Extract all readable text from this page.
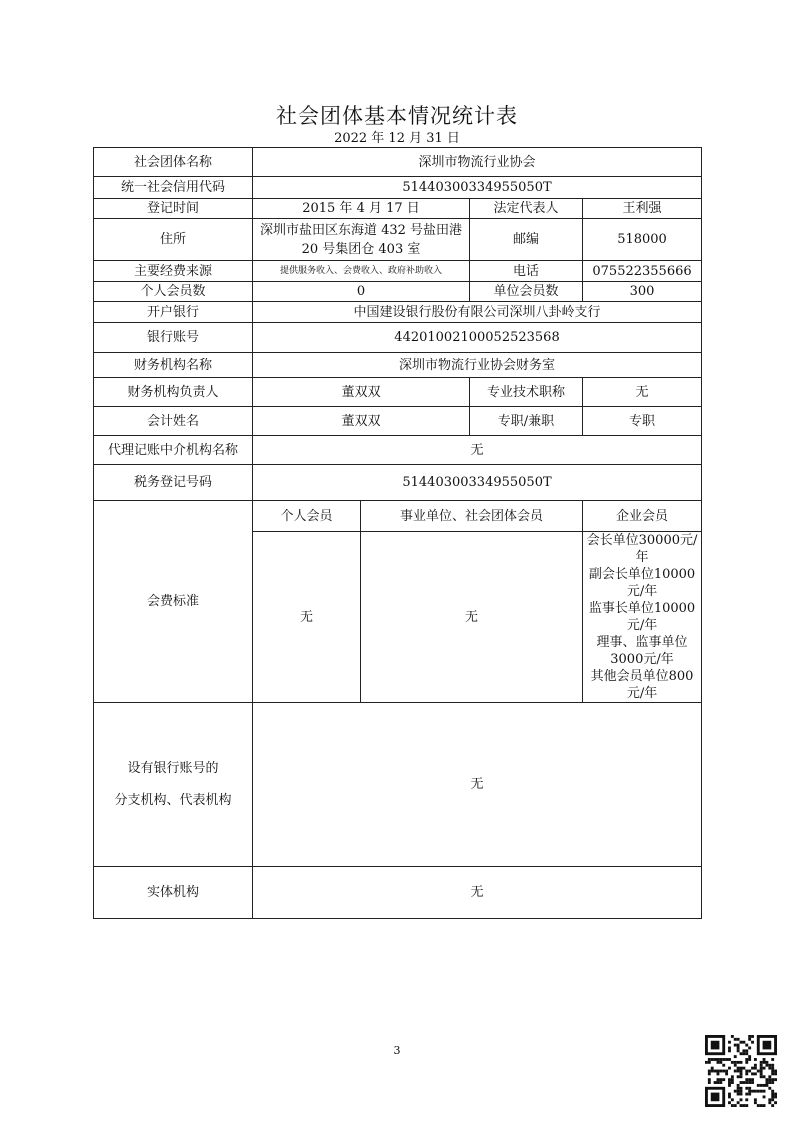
社会团体基本情况统计表
2022 年 12 月 31 日
社会团体名称	深圳市物流行业协会			
统一社会信用代码	51440300334955050T			
登记时间	2015 年 4 月 17 日		法定代表人	王利强
住所	深圳市盐田区东海道 432 号盐田港 20 号集团仓 403 室		邮编	518000
主要经费来源	提供服务收入、会费收入、政府补助收入		电话	075522355666
个人会员数	0		单位会员数	300
开户银行	中国建设银行股份有限公司深圳八卦岭支行			
银行账号	44201002100052523568			
财务机构名称	深圳市物流行业协会财务室			
财务机构负责人	董双双		专业技术职称	无
会计姓名	董双双		专职/兼职	专职
代理记账中介机构名称	无			
税务登记号码	51440300334955050T			
会费标准	个人会员	事业单位、社会团体会员		企业会员
	无	无		会长单位30000元/年
副会长单位10000元/年
监事长单位10000元/年
理事、监事单位3000元/年
其他会员单位800元/年

设有银行账号的
分支机构、代表机构	无			
实体机构	无			
3
